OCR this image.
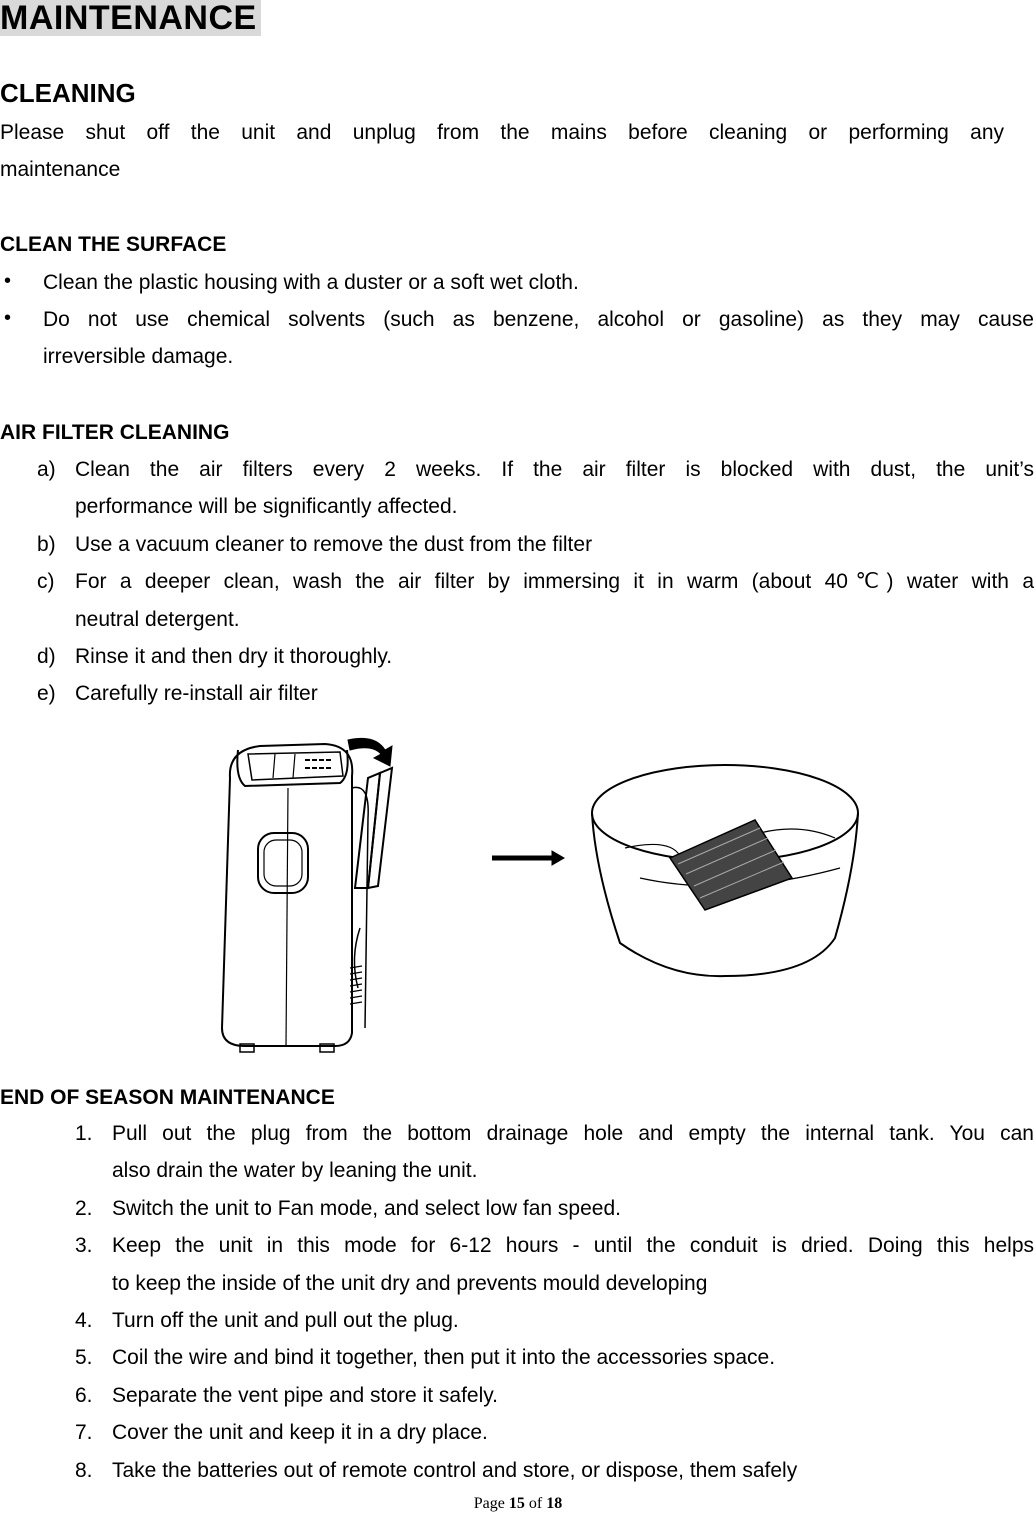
MAINTENANCE
CLEANING
Please shut off the unit and unplug from the mains before cleaning or performing any
maintenance
CLEAN THE SURFACE
• Clean the plastic housing with a duster or a soft wet cloth.
• Do not use chemical solvents (such as benzene, alcohol or gasoline) as they may cause
irreversible damage.
AIR FILTER CLEANING
a) Clean the air filters every 2 weeks. If the air filter is blocked with dust, the unit’s
performance will be significantly affected.
b) Use a vacuum cleaner to remove the dust from the filter
c) For a deeper clean, wash the air filter by immersing it in warm (about 40℃) water with a
neutral detergent.
d) Rinse it and then dry it thoroughly.
e) Carefully re-install air filter
END OF SEASON MAINTENANCE
1. Pull out the plug from the bottom drainage hole and empty the internal tank. You can
also drain the water by leaning the unit.
2. Switch the unit to Fan mode, and select low fan speed.
3. Keep the unit in this mode for 6-12 hours - until the conduit is dried. Doing this helps
to keep the inside of the unit dry and prevents mould developing
4. Turn off the unit and pull out the plug.
5. Coil the wire and bind it together, then put it into the accessories space.
6. Separate the vent pipe and store it safely.
7. Cover the unit and keep it in a dry place.
8. Take the batteries out of remote control and store, or dispose, them safely
Page 15 of 18
